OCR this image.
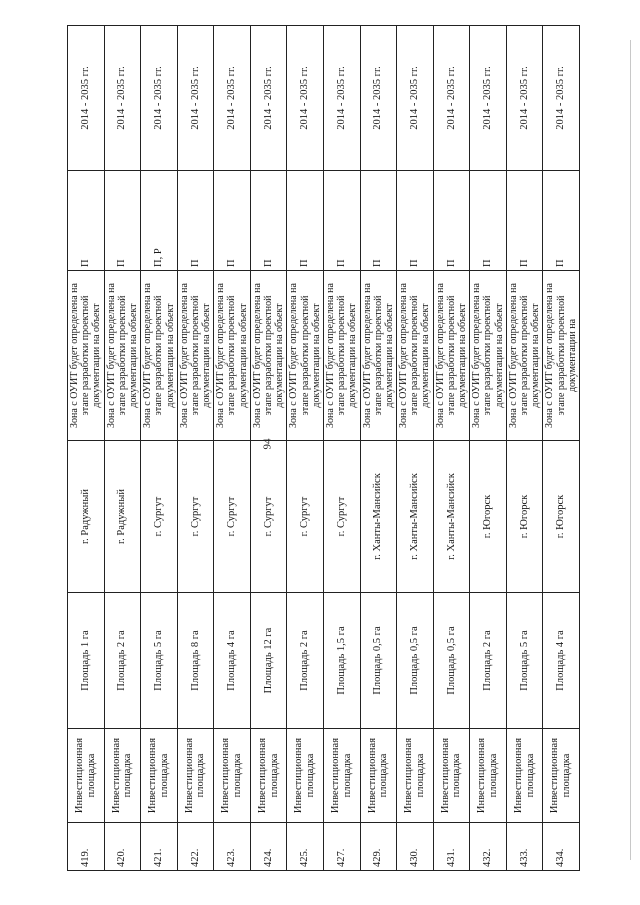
94
419.	Инвестиционная площадка	Площадь 1 га	г. Радужный	Зона с ОУИТ будет определена на этапе разработки проектной документации на объект	П	2014 - 2035 гг.
420.	Инвестиционная площадка	Площадь 2 га	г. Радужный	Зона с ОУИТ будет определена на этапе разработки проектной документации на объект	П	2014 - 2035 гг.
421.	Инвестиционная площадка	Площадь 5 га	г. Сургут	Зона с ОУИТ будет определена на этапе разработки проектной документации на объект	П, Р	2014 - 2035 гг.
422.	Инвестиционная площадка	Площадь 8 га	г. Сургут	Зона с ОУИТ будет определена на этапе разработки проектной документации на объект	П	2014 - 2035 гг.
423.	Инвестиционная площадка	Площадь 4 га	г. Сургут	Зона с ОУИТ будет определена на этапе разработки проектной документации на объект	П	2014 - 2035 гг.
424.	Инвестиционная площадка	Площадь 12 га	г. Сургут	Зона с ОУИТ будет определена на этапе разработки проектной документации на объект	П	2014 - 2035 гг.
425.	Инвестиционная площадка	Площадь 2 га	г. Сургут	Зона с ОУИТ будет определена на этапе разработки проектной документации на объект	П	2014 - 2035 гг.
427.	Инвестиционная площадка	Площадь 1,5 га	г. Сургут	Зона с ОУИТ будет определена на этапе разработки проектной документации на объект	П	2014 - 2035 гг.
429.	Инвестиционная площадка	Площадь 0,5 га	г. Ханты-Мансийск	Зона с ОУИТ будет определена на этапе разработки проектной документации на объект	П	2014 - 2035 гг.
430.	Инвестиционная площадка	Площадь 0,5 га	г. Ханты-Мансийск	Зона с ОУИТ будет определена на этапе разработки проектной документации на объект	П	2014 - 2035 гг.
431.	Инвестиционная площадка	Площадь 0,5 га	г. Ханты-Мансийск	Зона с ОУИТ будет определена на этапе разработки проектной документации на объект	П	2014 - 2035 гг.
432.	Инвестиционная площадка	Площадь 2 га	г. Югорск	Зона с ОУИТ будет определена на этапе разработки проектной документации на объект	П	2014 - 2035 гг.
433.	Инвестиционная площадка	Площадь 5 га	г. Югорск	Зона с ОУИТ будет определена на этапе разработки проектной документации на объект	П	2014 - 2035 гг.
434.	Инвестиционная площадка	Площадь 4 га	г. Югорск	Зона с ОУИТ будет определена на этапе разработки проектной документации на	П	2014 - 2035 гг.
